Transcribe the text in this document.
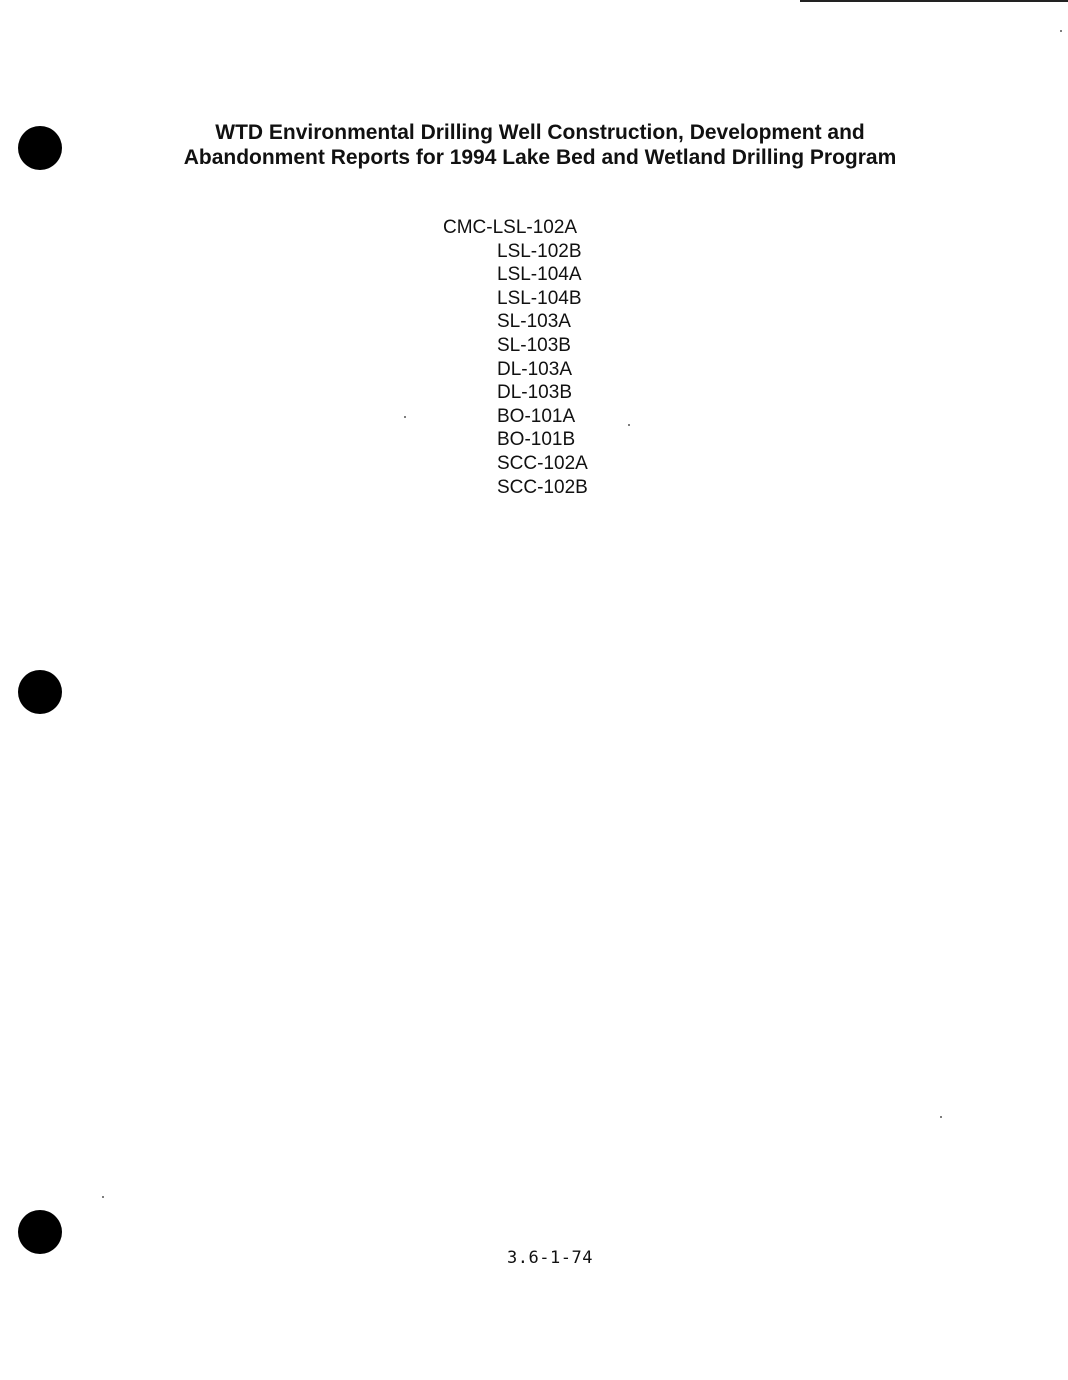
WTD Environmental Drilling Well Construction, Development and
Abandonment Reports for 1994 Lake Bed and Wetland Drilling Program
CMC-LSL-102A
LSL-102B
LSL-104A
LSL-104B
SL-103A
SL-103B
DL-103A
DL-103B
BO-101A
BO-101B
SCC-102A
SCC-102B
3.6-1-74
